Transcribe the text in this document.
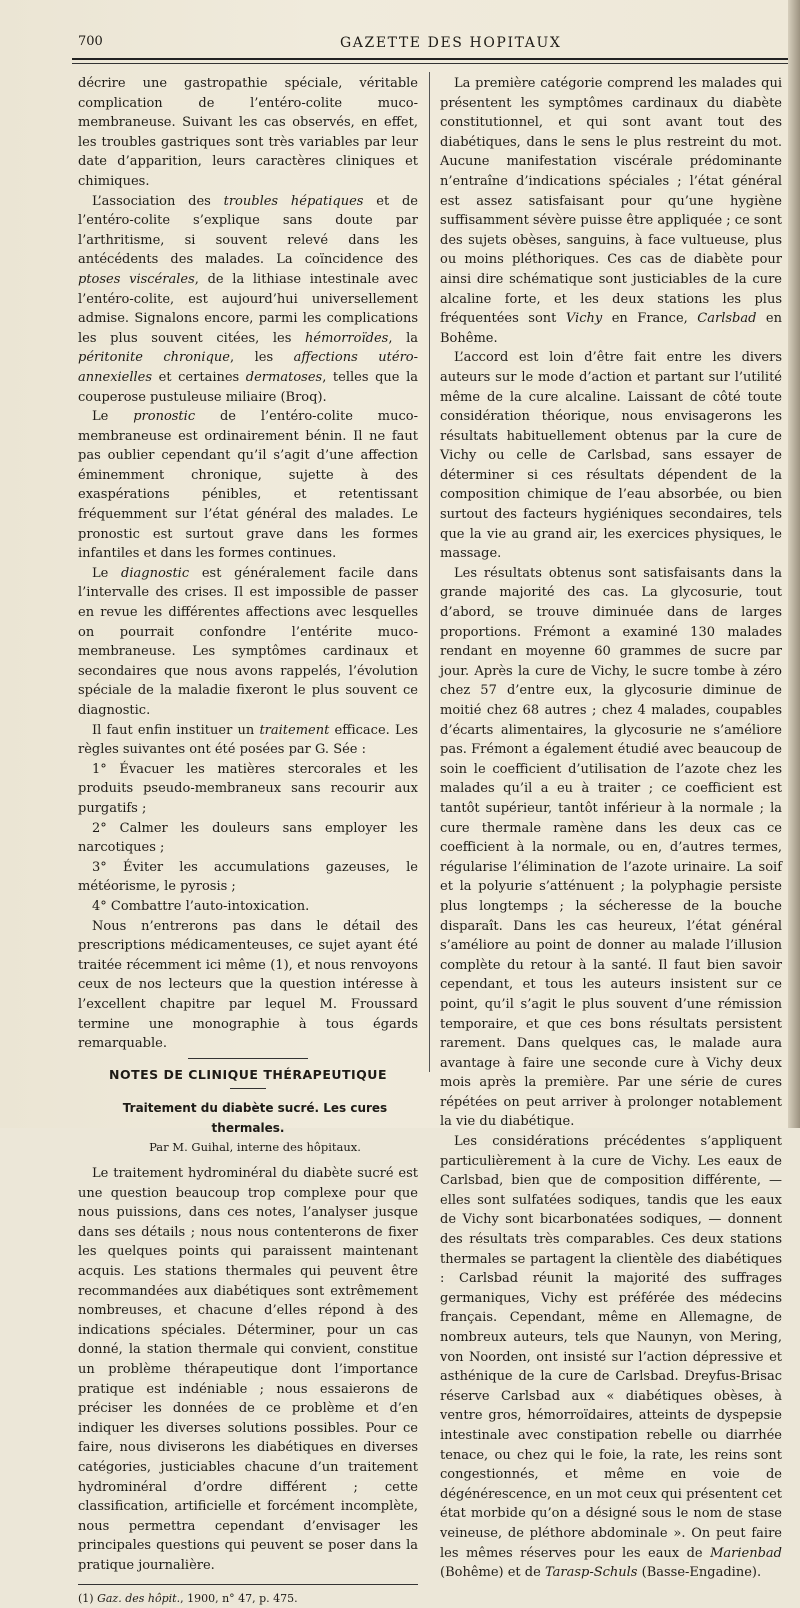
700	GAZETTE DES HOPITAUX

décrire une gastropathie spéciale, véritable complication de l’entéro-colite muco-membraneuse. Suivant les cas observés, en effet, les troubles gastriques sont très variables par leur date d’apparition, leurs caractères cliniques et chimiques.

L’association des troubles hépatiques et de l’entéro-colite s’explique sans doute par l’arthritisme, si souvent relevé dans les antécédents des malades. La coïncidence des ptoses viscérales, de la lithiase intestinale avec l’entéro-colite, est aujourd’hui universellement admise. Signalons encore, parmi les complications les plus souvent citées, les hémorroïdes, la péritonite chronique, les affections utéro-annexielles et certaines dermatoses, telles que la couperose pustuleuse miliaire (Broq).

Le pronostic de l’entéro-colite muco-membraneuse est ordinairement bénin. Il ne faut pas oublier cependant qu’il s’agit d’une affection éminemment chronique, sujette à des exaspérations pénibles, et retentissant fréquemment sur l’état général des malades. Le pronostic est surtout grave dans les formes infantiles et dans les formes continues.

Le diagnostic est généralement facile dans l’intervalle des crises. Il est impossible de passer en revue les différentes affections avec lesquelles on pourrait confondre l’entérite muco-membraneuse. Les symptômes cardinaux et secondaires que nous avons rappelés, l’évolution spéciale de la maladie fixeront le plus souvent ce diagnostic.

Il faut enfin instituer un traitement efficace. Les règles suivantes ont été posées par G. Sée :

1° Évacuer les matières stercorales et les produits pseudo-membraneux sans recourir aux purgatifs ;

2° Calmer les douleurs sans employer les narcotiques ;

3° Éviter les accumulations gazeuses, le météorisme, le pyrosis ;

4° Combattre l’auto-intoxication.

Nous n’entrerons pas dans le détail des prescriptions médicamenteuses, ce sujet ayant été traitée récemment ici même (1), et nous renvoyons ceux de nos lecteurs que la question intéresse à l’excellent chapitre par lequel M. Froussard termine une monographie à tous égards remarquable.

NOTES DE CLINIQUE THÉRAPEUTIQUE

Traitement du diabète sucré. Les cures thermales.

Par M. Guihal, interne des hôpitaux.

Le traitement hydrominéral du diabète sucré est une question beaucoup trop complexe pour que nous puissions, dans ces notes, l’analyser jusque dans ses détails ; nous nous contenterons de fixer les quelques points qui paraissent maintenant acquis. Les stations thermales qui peuvent être recommandées aux diabétiques sont extrêmement nombreuses, et chacune d’elles répond à des indications spéciales. Déterminer, pour un cas donné, la station thermale qui convient, constitue un problème thérapeutique dont l’importance pratique est indéniable ; nous essaierons de préciser les données de ce problème et d’en indiquer les diverses solutions possibles. Pour ce faire, nous diviserons les diabétiques en diverses catégories, justiciables chacune d’un traitement hydrominéral d’ordre différent ; cette classification, artificielle et forcément incomplète, nous permettra cependant d’envisager les principales questions qui peuvent se poser dans la pratique journalière.

(1) Gaz. des hôpit., 1900, n° 47, p. 475.

La première catégorie comprend les malades qui présentent les symptômes cardinaux du diabète constitutionnel, et qui sont avant tout des diabétiques, dans le sens le plus restreint du mot. Aucune manifestation viscérale prédominante n’entraîne d’indications spéciales ; l’état général est assez satisfaisant pour qu’une hygiène suffisamment sévère puisse être appliquée ; ce sont des sujets obèses, sanguins, à face vultueuse, plus ou moins pléthoriques. Ces cas de diabète pour ainsi dire schématique sont justiciables de la cure alcaline forte, et les deux stations les plus fréquentées sont Vichy en France, Carlsbad en Bohême.

L’accord est loin d’être fait entre les divers auteurs sur le mode d’action et partant sur l’utilité même de la cure alcaline. Laissant de côté toute considération théorique, nous envisagerons les résultats habituellement obtenus par la cure de Vichy ou celle de Carlsbad, sans essayer de déterminer si ces résultats dépendent de la composition chimique de l’eau absorbée, ou bien surtout des facteurs hygiéniques secondaires, tels que la vie au grand air, les exercices physiques, le massage.

Les résultats obtenus sont satisfaisants dans la grande majorité des cas. La glycosurie, tout d’abord, se trouve diminuée dans de larges proportions. Frémont a examiné 130 malades rendant en moyenne 60 grammes de sucre par jour. Après la cure de Vichy, le sucre tombe à zéro chez 57 d’entre eux, la glycosurie diminue de moitié chez 68 autres ; chez 4 malades, coupables d’écarts alimentaires, la glycosurie ne s’améliore pas. Frémont a également étudié avec beaucoup de soin le coefficient d’utilisation de l’azote chez les malades qu’il a eu à traiter ; ce coefficient est tantôt supérieur, tantôt inférieur à la normale ; la cure thermale ramène dans les deux cas ce coefficient à la normale, ou en, d’autres termes, régularise l’élimination de l’azote urinaire. La soif et la polyurie s’atténuent ; la polyphagie persiste plus longtemps ; la sécheresse de la bouche disparaît. Dans les cas heureux, l’état général s’améliore au point de donner au malade l’illusion complète du retour à la santé. Il faut bien savoir cependant, et tous les auteurs insistent sur ce point, qu’il s’agit le plus souvent d’une rémission temporaire, et que ces bons résultats persistent rarement. Dans quelques cas, le malade aura avantage à faire une seconde cure à Vichy deux mois après la première. Par une série de cures répétées on peut arriver à prolonger notablement la vie du diabétique.

Les considérations précédentes s’appliquent particulièrement à la cure de Vichy. Les eaux de Carlsbad, bien que de composition différente, — elles sont sulfatées sodiques, tandis que les eaux de Vichy sont bicarbonatées sodiques, — donnent des résultats très comparables. Ces deux stations thermales se partagent la clientèle des diabétiques : Carlsbad réunit la majorité des suffrages germaniques, Vichy est préférée des médecins français. Cependant, même en Allemagne, de nombreux auteurs, tels que Naunyn, von Mering, von Noorden, ont insisté sur l’action dépressive et asthénique de la cure de Carlsbad. Dreyfus-Brisac réserve Carlsbad aux « diabétiques obèses, à ventre gros, hémorroïdaires, atteints de dyspepsie intestinale avec constipation rebelle ou diarrhée tenace, ou chez qui le foie, la rate, les reins sont congestionnés, et même en voie de dégénérescence, en un mot ceux qui présentent cet état morbide qu’on a désigné sous le nom de stase veineuse, de pléthore abdominale ». On peut faire les mêmes réserves pour les eaux de Marienbad (Bohême) et de Tarasp-Schuls (Basse-Engadine).
